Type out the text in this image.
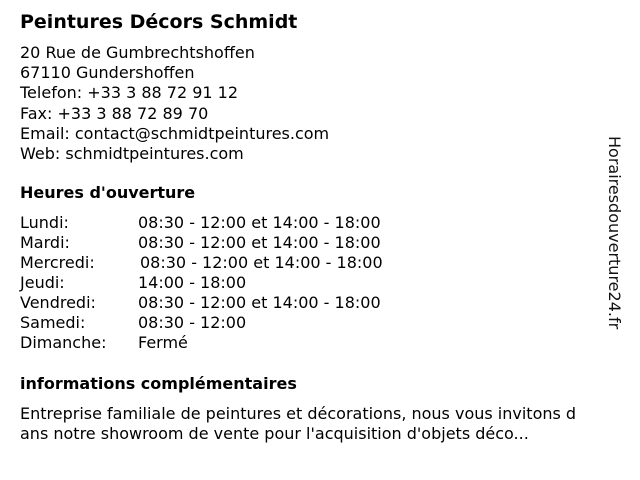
Peintures Décors Schmidt
20 Rue de Gumbrechtshoffen
67110 Gundershoffen
Telefon: +33 3 88 72 91 12
Fax: +33 3 88 72 89 70
Email: contact@schmidtpeintures.com
Web: schmidtpeintures.com
Heures d'ouverture
Lundi:	08:30 - 12:00 et 14:00 - 18:00
Mardi:	08:30 - 12:00 et 14:00 - 18:00
Mercredi:	08:30 - 12:00 et 14:00 - 18:00
Jeudi:	14:00 - 18:00
Vendredi:	08:30 - 12:00 et 14:00 - 18:00
Samedi:	08:30 - 12:00
Dimanche: Fermé
informations complémentaires

Entreprise familiale de peintures et décorations, nous vous invitons d
ans notre showroom de vente pour l'acquisition d'objets déco...

Horairesdouverture24.fr
